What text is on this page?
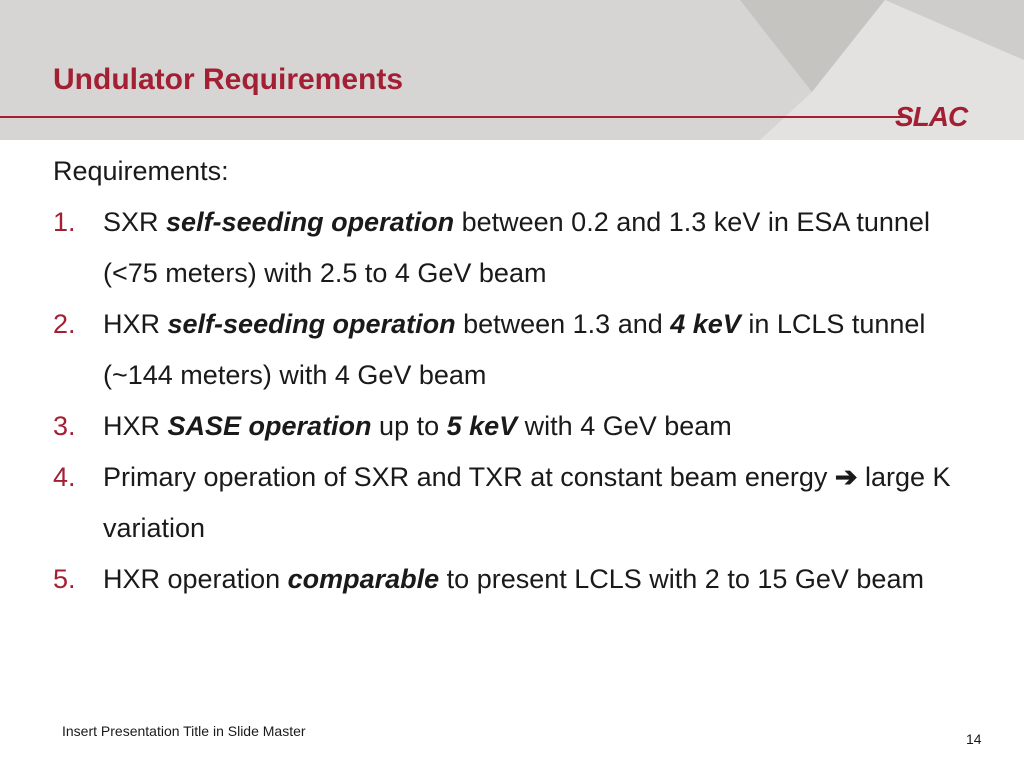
Undulator Requirements
SLAC

Requirements:

1. SXR self-seeding operation between 0.2 and 1.3 keV in ESA tunnel (<75 meters) with 2.5 to 4 GeV beam
2. HXR self-seeding operation between 1.3 and 4 keV in LCLS tunnel (~144 meters) with 4 GeV beam
3. HXR SASE operation up to 5 keV with 4 GeV beam
4. Primary operation of SXR and TXR at constant beam energy ➔ large K variation
5. HXR operation comparable to present LCLS with 2 to 15 GeV beam
Insert Presentation Title in Slide Master	14
